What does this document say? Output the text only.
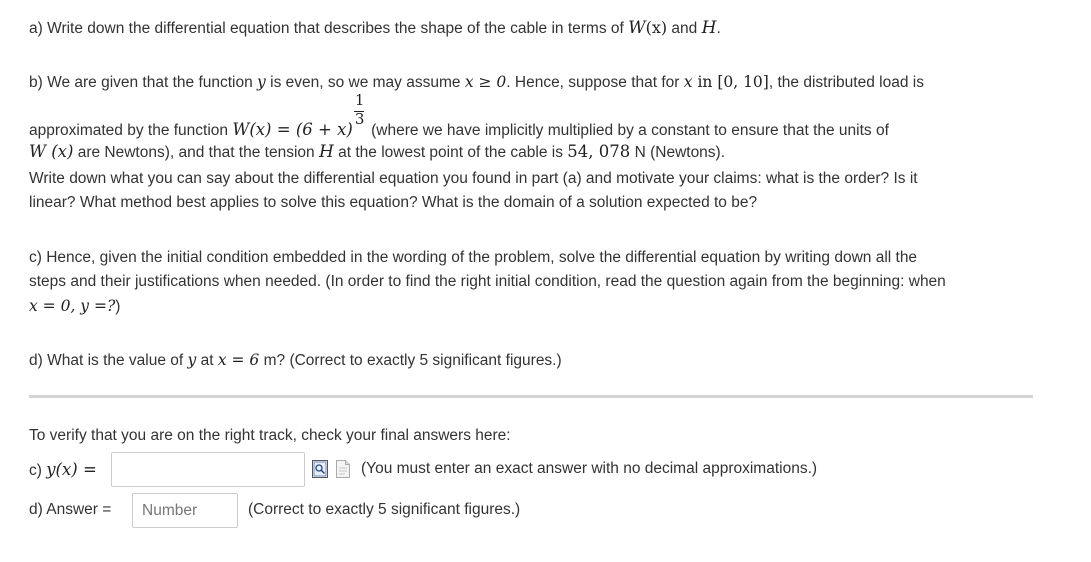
a) Write down the differential equation that describes the shape of the cable in terms of W(x) and H.
b) We are given that the function y is even, so we may assume x ≥ 0. Hence, suppose that for x in [0, 10], the distributed load is
approximated by the function $W(x) = (6 + x) \frac{1}{3}$ (where we have implicitly multiplied by a constant to ensure that the units of
W (x) are Newtons), and that the tension H at the lowest point of the cable is 54, 078 N (Newtons).
Write down what you can say about the differential equation you found in part (a) and motivate your claims: what is the order? Is it
linear? What method best applies to solve this equation? What is the domain of a solution expected to be?
c) Hence, given the initial condition embedded in the wording of the problem, solve the differential equation by writing down all the
steps and their justifications when needed. (In order to find the right initial condition, read the question again from the beginning: when
x = 0, y =?)
d) What is the value of y at x = 6 m? (Correct to exactly 5 significant figures.)
To verify that you are on the right track, check your final answers here:
c) y(x) =	(You must enter an exact answer with no decimal approximations.)
d) Answer =
Number	(Correct to exactly 5 significant figures.)
